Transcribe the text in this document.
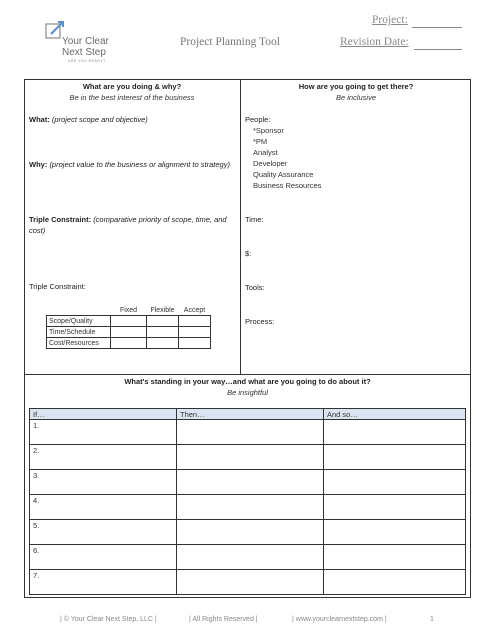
Your Clear
Next Step
ARE YOU READY?
Project Planning Tool
Project:
Revision Date:
What are you doing & why?
Be in the best interest of the business
What: (project scope and objective)
Why: (project value to the business or alignment to strategy)
Triple Constraint: (comparative priority of scope, time, and cost)
Triple Constraint:
	Fixed	Flexible	Accept
Scope/Quality			
Time/Schedule			
Cost/Resources			
How are you going to get there?
Be inclusive
People:
*Sponsor
*PM
Analyst
Developer
Quality Assurance
Business Resources
Time:
$:
Tools:
Process:
What's standing in your way…and what are you going to do about it?
Be insightful
If…	Then…	And so…
1.		
2.		
3.		
4.		
5.		
6.		
7.		
| © Your Clear Next Step, LLC |	| All Rights Reserved |	| www.yourclearnextstep.com |	1
